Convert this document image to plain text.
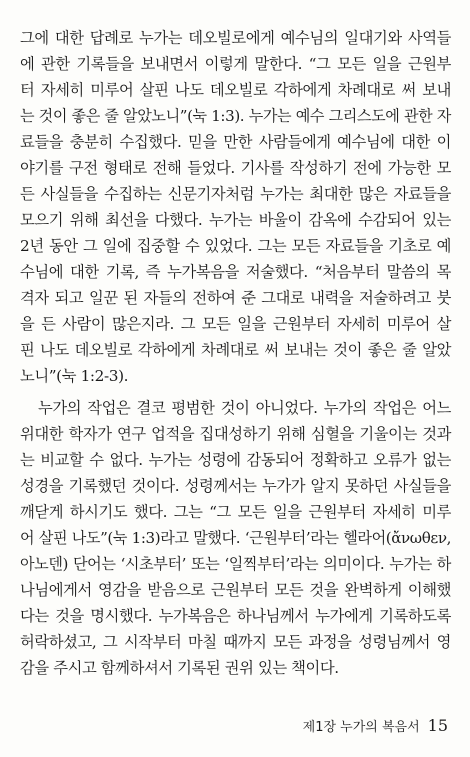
그에 대한 답례로 누가는 데오빌로에게 예수님의 일대기와 사역들
에 관한 기록들을 보내면서 이렇게 말한다. “그 모든 일을 근원부
터 자세히 미루어 살핀 나도 데오빌로 각하에게 차례대로 써 보내
는 것이 좋은 줄 알았노니”(눅 1:3). 누가는 예수 그리스도에 관한 자
료들을 충분히 수집했다. 믿을 만한 사람들에게 예수님에 대한 이
야기를 구전 형태로 전해 들었다. 기사를 작성하기 전에 가능한 모
든 사실들을 수집하는 신문기자처럼 누가는 최대한 많은 자료들을
모으기 위해 최선을 다했다. 누가는 바울이 감옥에 수감되어 있는
2년 동안 그 일에 집중할 수 있었다. 그는 모든 자료들을 기초로 예
수님에 대한 기록, 즉 누가복음을 저술했다. “처음부터 말씀의 목
격자 되고 일꾼 된 자들의 전하여 준 그대로 내력을 저술하려고 붓
을 든 사람이 많은지라. 그 모든 일을 근원부터 자세히 미루어 살
핀 나도 데오빌로 각하에게 차례대로 써 보내는 것이 좋은 줄 알았
노니”(눅 1:2-3).
누가의 작업은 결코 평범한 것이 아니었다. 누가의 작업은 어느
위대한 학자가 연구 업적을 집대성하기 위해 심혈을 기울이는 것과
는 비교할 수 없다. 누가는 성령에 감동되어 정확하고 오류가 없는
성경을 기록했던 것이다. 성령께서는 누가가 알지 못하던 사실들을
깨닫게 하시기도 했다. 그는 “그 모든 일을 근원부터 자세히 미루
어 살핀 나도”(눅 1:3)라고 말했다. ‘근원부터’라는 헬라어(ἄνωθεν,
아노덴) 단어는 ‘시초부터’ 또는 ‘일찍부터’라는 의미이다. 누가는 하
나님에게서 영감을 받음으로 근원부터 모든 것을 완벽하게 이해했
다는 것을 명시했다. 누가복음은 하나님께서 누가에게 기록하도록
허락하셨고, 그 시작부터 마칠 때까지 모든 과정을 성령님께서 영
감을 주시고 함께하셔서 기록된 권위 있는 책이다.
제1장 누가의 복음서 15
